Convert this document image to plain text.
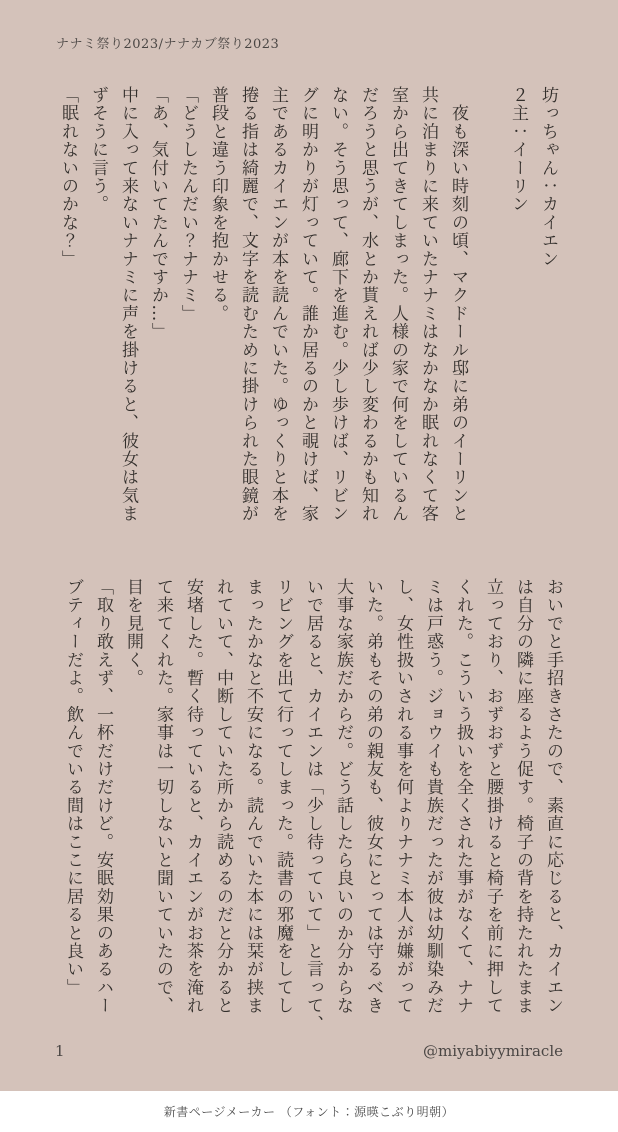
ナナミ祭り2023/ナナカブ祭り2023
坊っちゃん：カイエン
２主：イーリン

　夜も深い時刻の頃、マクドール邸に弟のイーリンと
共に泊まりに来ていたナナミはなかなか眠れなくて客
室から出てきてしまった。人様の家で何をしているん
だろうと思うが、水とか貰えれば少し変わるかも知れ
ない。そう思って、廊下を進む。少し歩けば、リビン
グに明かりが灯っていて。誰か居るのかと覗けば、家
主であるカイエンが本を読んでいた。ゆっくりと本を
捲る指は綺麗で、文字を読むために掛けられた眼鏡が
普段と違う印象を抱かせる。
「どうしたんだい？ナナミ」
「あ、気付いてたんですか…」
中に入って来ないナナミに声を掛けると、彼女は気ま
ずそうに言う。
「眠れないのかな？」
おいでと手招きさたので、素直に応じると、カイエン
は自分の隣に座るよう促す。椅子の背を持たれたまま
立っており、おずおずと腰掛けると椅子を前に押して
くれた。こういう扱いを全くされた事がなくて、ナナ
ミは戸惑う。ジョウイも貴族だったが彼は幼馴染みだ
し、女性扱いされる事を何よりナナミ本人が嫌がって
いた。弟もその弟の親友も、彼女にとっては守るべき
大事な家族だからだ。どう話したら良いのか分からな
いで居ると、カイエンは「少し待っていて」と言って、
リビングを出て行ってしまった。読書の邪魔をしてし
まったかなと不安になる。読んでいた本には栞が挟ま
れていて、中断していた所から読めるのだと分かると
安堵した。暫く待っていると、カイエンがお茶を淹れ
て来てくれた。家事は一切しないと聞いていたので、
目を見開く。
「取り敢えず、一杯だけだけど。安眠効果のあるハー
ブティーだよ。飲んでいる間はここに居ると良い」
1	@miyabiyymiracle
新書ページメーカー （フォント：源暎こぶり明朝）
